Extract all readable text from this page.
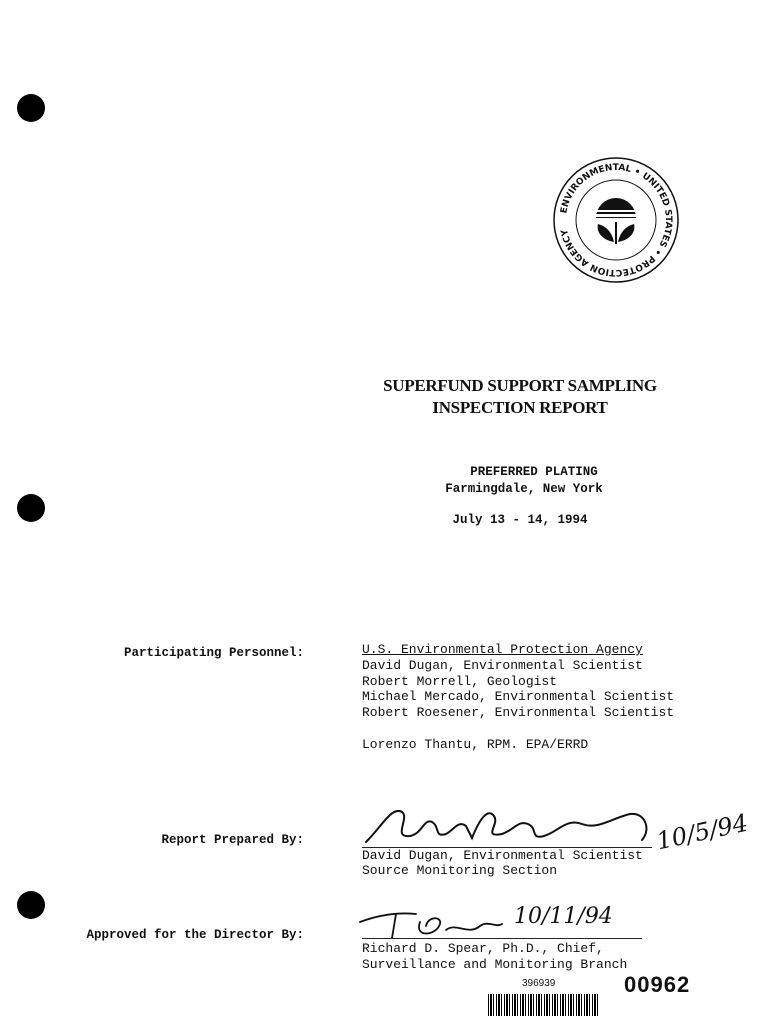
ENVIRONMENTAL • UNITED STATES • PROTECTION AGENCY
SUPERFUND SUPPORT SAMPLING
INSPECTION REPORT
PREFERRED PLATING
Farmingdale, New York
July 13 - 14, 1994
Participating Personnel:	U.S. Environmental Protection Agency
David Dugan, Environmental Scientist
Robert Morrell, Geologist
Michael Mercado, Environmental Scientist
Robert Roesener, Environmental Scientist
Lorenzo Thantu, RPM. EPA/ERRD
Report Prepared By:	10/5/94
David Dugan, Environmental Scientist
Source Monitoring Section
Approved for the Director By:
10/11/94
Richard D. Spear, Ph.D., Chief,
Surveillance and Monitoring Branch
396939	00962
